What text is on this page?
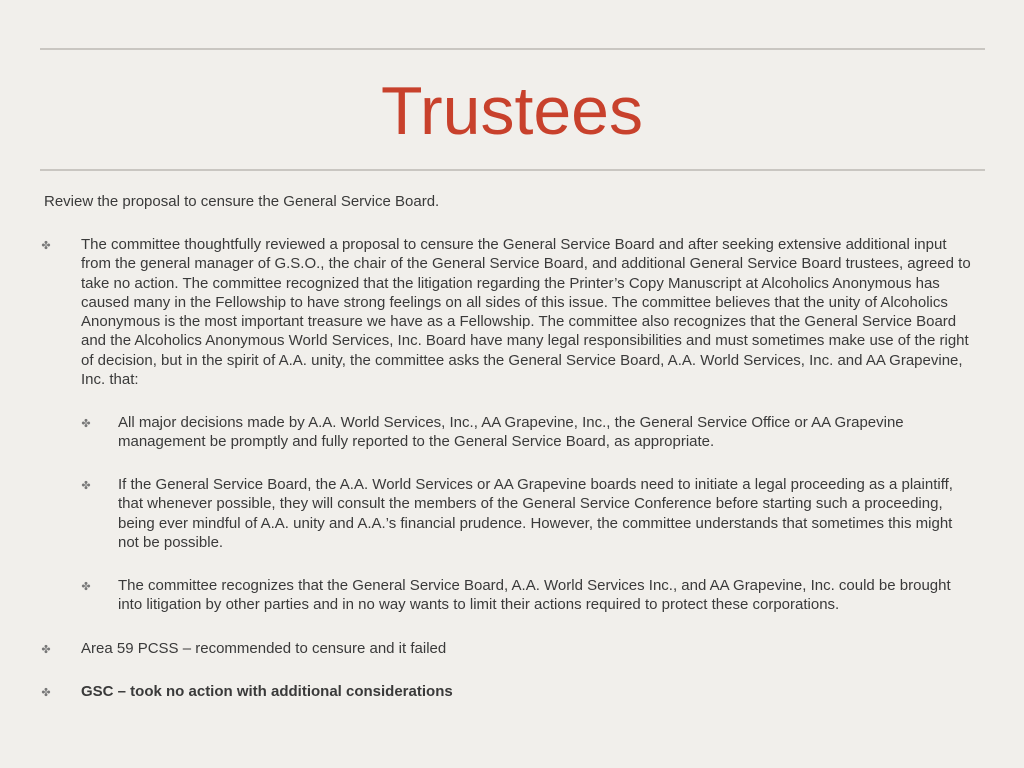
Trustees
Review the proposal to censure the General Service Board.
✤ The committee thoughtfully reviewed a proposal to censure the General Service Board and after seeking extensive additional input from the general manager of G.S.O., the chair of the General Service Board, and additional General Service Board trustees, agreed to take no action. The committee recognized that the litigation regarding the Printer’s Copy Manuscript at Alcoholics Anonymous has caused many in the Fellowship to have strong feelings on all sides of this issue. The committee believes that the unity of Alcoholics Anonymous is the most important treasure we have as a Fellowship. The committee also recognizes that the General Service Board and the Alcoholics Anonymous World Services, Inc. Board have many legal responsibilities and must sometimes make use of the right of decision, but in the spirit of A.A. unity, the committee asks the General Service Board, A.A. World Services, Inc. and AA Grapevine, Inc. that:
✤ All major decisions made by A.A. World Services, Inc., AA Grapevine, Inc., the General Service Office or AA Grapevine management be promptly and fully reported to the General Service Board, as appropriate.
✤ If the General Service Board, the A.A. World Services or AA Grapevine boards need to initiate a legal proceeding as a plaintiff, that whenever possible, they will consult the members of the General Service Conference before starting such a proceeding, being ever mindful of A.A. unity and A.A.’s financial prudence. However, the committee understands that sometimes this might not be possible.
✤ The committee recognizes that the General Service Board, A.A. World Services Inc., and AA Grapevine, Inc. could be brought into litigation by other parties and in no way wants to limit their actions required to protect these corporations.
✤ Area 59 PCSS – recommended to censure and it failed
✤ GSC – took no action with additional considerations
